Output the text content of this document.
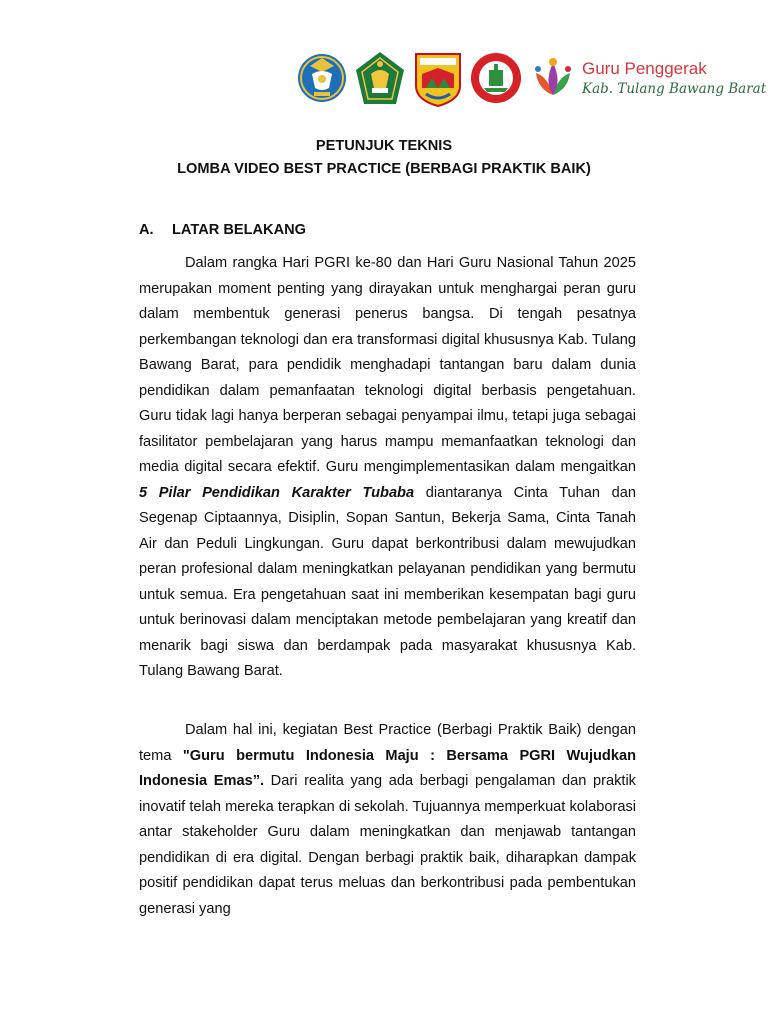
Guru Penggerak
Kab. Tulang Bawang Barat
PETUNJUK TEKNIS
LOMBA VIDEO BEST PRACTICE (BERBAGI PRAKTIK BAIK)
A. LATAR BELAKANG
Dalam rangka Hari PGRI ke-80 dan Hari Guru Nasional Tahun 2025 merupakan moment penting yang dirayakan untuk menghargai peran guru dalam membentuk generasi penerus bangsa. Di tengah pesatnya perkembangan teknologi dan era transformasi digital khususnya Kab. Tulang Bawang Barat, para pendidik menghadapi tantangan baru dalam dunia pendidikan dalam pemanfaatan teknologi digital berbasis pengetahuan. Guru tidak lagi hanya berperan sebagai penyampai ilmu, tetapi juga sebagai fasilitator pembelajaran yang harus mampu memanfaatkan teknologi dan media digital secara efektif. Guru mengimplementasikan dalam mengaitkan 5 Pilar Pendidikan Karakter Tubaba diantaranya Cinta Tuhan dan Segenap Ciptaannya, Disiplin, Sopan Santun, Bekerja Sama, Cinta Tanah Air dan Peduli Lingkungan. Guru dapat berkontribusi dalam mewujudkan peran profesional dalam meningkatkan pelayanan pendidikan yang bermutu untuk semua. Era pengetahuan saat ini memberikan kesempatan bagi guru untuk berinovasi dalam menciptakan metode pembelajaran yang kreatif dan menarik bagi siswa dan berdampak pada masyarakat khususnya Kab. Tulang Bawang Barat.
Dalam hal ini, kegiatan Best Practice (Berbagi Praktik Baik) dengan tema "Guru bermutu Indonesia Maju : Bersama PGRI Wujudkan Indonesia Emas”. Dari realita yang ada berbagi pengalaman dan praktik inovatif telah mereka terapkan di sekolah. Tujuannya memperkuat kolaborasi antar stakeholder Guru dalam meningkatkan dan menjawab tantangan pendidikan di era digital. Dengan berbagi praktik baik, diharapkan dampak positif pendidikan dapat terus meluas dan berkontribusi pada pembentukan generasi yang
